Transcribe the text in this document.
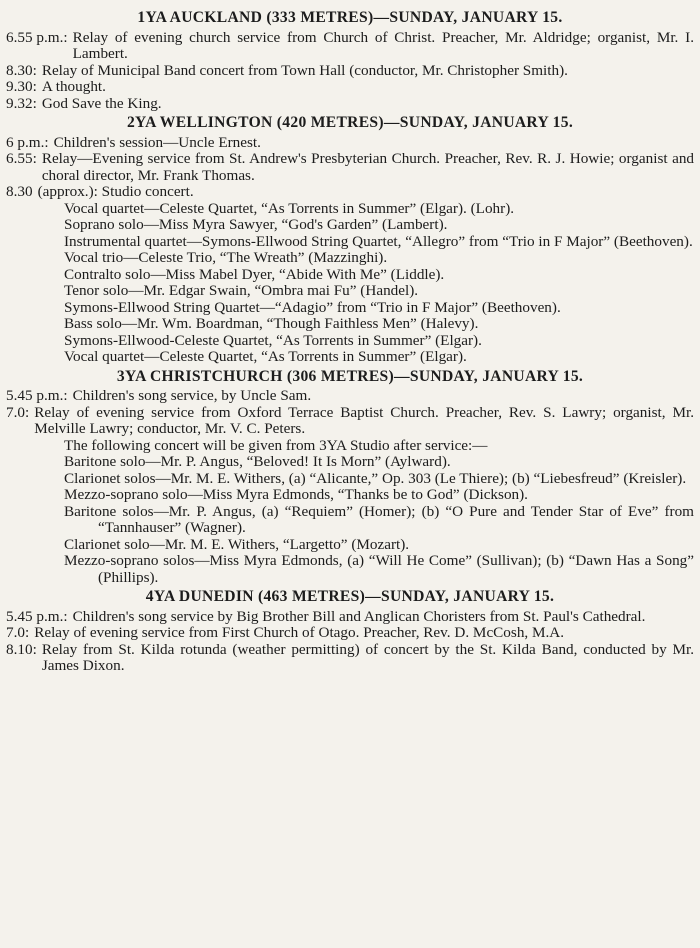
1YA AUCKLAND (333 METRES)—SUNDAY, JANUARY 15.
6.55 p.m.: Relay of evening church service from Church of Christ. Preacher, Mr. Aldridge; organist, Mr. I. Lambert.
8.30: Relay of Municipal Band concert from Town Hall (conductor, Mr. Christopher Smith).
9.30: A thought.
9.32: God Save the King.
2YA WELLINGTON (420 METRES)—SUNDAY, JANUARY 15.
6 p.m.: Children's session—Uncle Ernest.
6.55: Relay—Evening service from St. Andrew's Presbyterian Church. Preacher, Rev. R. J. Howie; organist and choral director, Mr. Frank Thomas.
8.30 (approx.): Studio concert.
Vocal quartet—Celeste Quartet, “As Torrents in Summer” (Elgar). (Lohr).
Soprano solo—Miss Myra Sawyer, “God's Garden” (Lambert).
Instrumental quartet—Symons-Ellwood String Quartet, “Allegro” from “Trio in F Major” (Beethoven).
Vocal trio—Celeste Trio, “The Wreath” (Mazzinghi).
Contralto solo—Miss Mabel Dyer, “Abide With Me” (Liddle).
Tenor solo—Mr. Edgar Swain, “Ombra mai Fu” (Handel).
Symons-Ellwood String Quartet—“Adagio” from “Trio in F Major” (Beethoven).
Bass solo—Mr. Wm. Boardman, “Though Faithless Men” (Halevy).
Symons-Ellwood-Celeste Quartet, “As Torrents in Summer” (Elgar).
Vocal quartet—Celeste Quartet, “As Torrents in Summer” (Elgar).
3YA CHRISTCHURCH (306 METRES)—SUNDAY, JANUARY 15.
5.45 p.m.: Children's song service, by Uncle Sam.
7.0: Relay of evening service from Oxford Terrace Baptist Church. Preacher, Rev. S. Lawry; organist, Mr. Melville Lawry; conductor, Mr. V. C. Peters.
The following concert will be given from 3YA Studio after service:—
Baritone solo—Mr. P. Angus, “Beloved! It Is Morn” (Aylward).
Clarionet solos—Mr. M. E. Withers, (a) “Alicante,” Op. 303 (Le Thiere); (b) “Liebesfreud” (Kreisler).
Mezzo-soprano solo—Miss Myra Edmonds, “Thanks be to God” (Dickson).
Baritone solos—Mr. P. Angus, (a) “Requiem” (Homer); (b) “O Pure and Tender Star of Eve” from “Tannhauser” (Wagner).
Clarionet solo—Mr. M. E. Withers, “Largetto” (Mozart).
Mezzo-soprano solos—Miss Myra Edmonds, (a) “Will He Come” (Sullivan); (b) “Dawn Has a Song” (Phillips).
4YA DUNEDIN (463 METRES)—SUNDAY, JANUARY 15.
5.45 p.m.: Children's song service by Big Brother Bill and Anglican Choristers from St. Paul's Cathedral.
7.0: Relay of evening service from First Church of Otago. Preacher, Rev. D. McCosh, M.A.
8.10: Relay from St. Kilda rotunda (weather permitting) of concert by the St. Kilda Band, conducted by Mr. James Dixon.
